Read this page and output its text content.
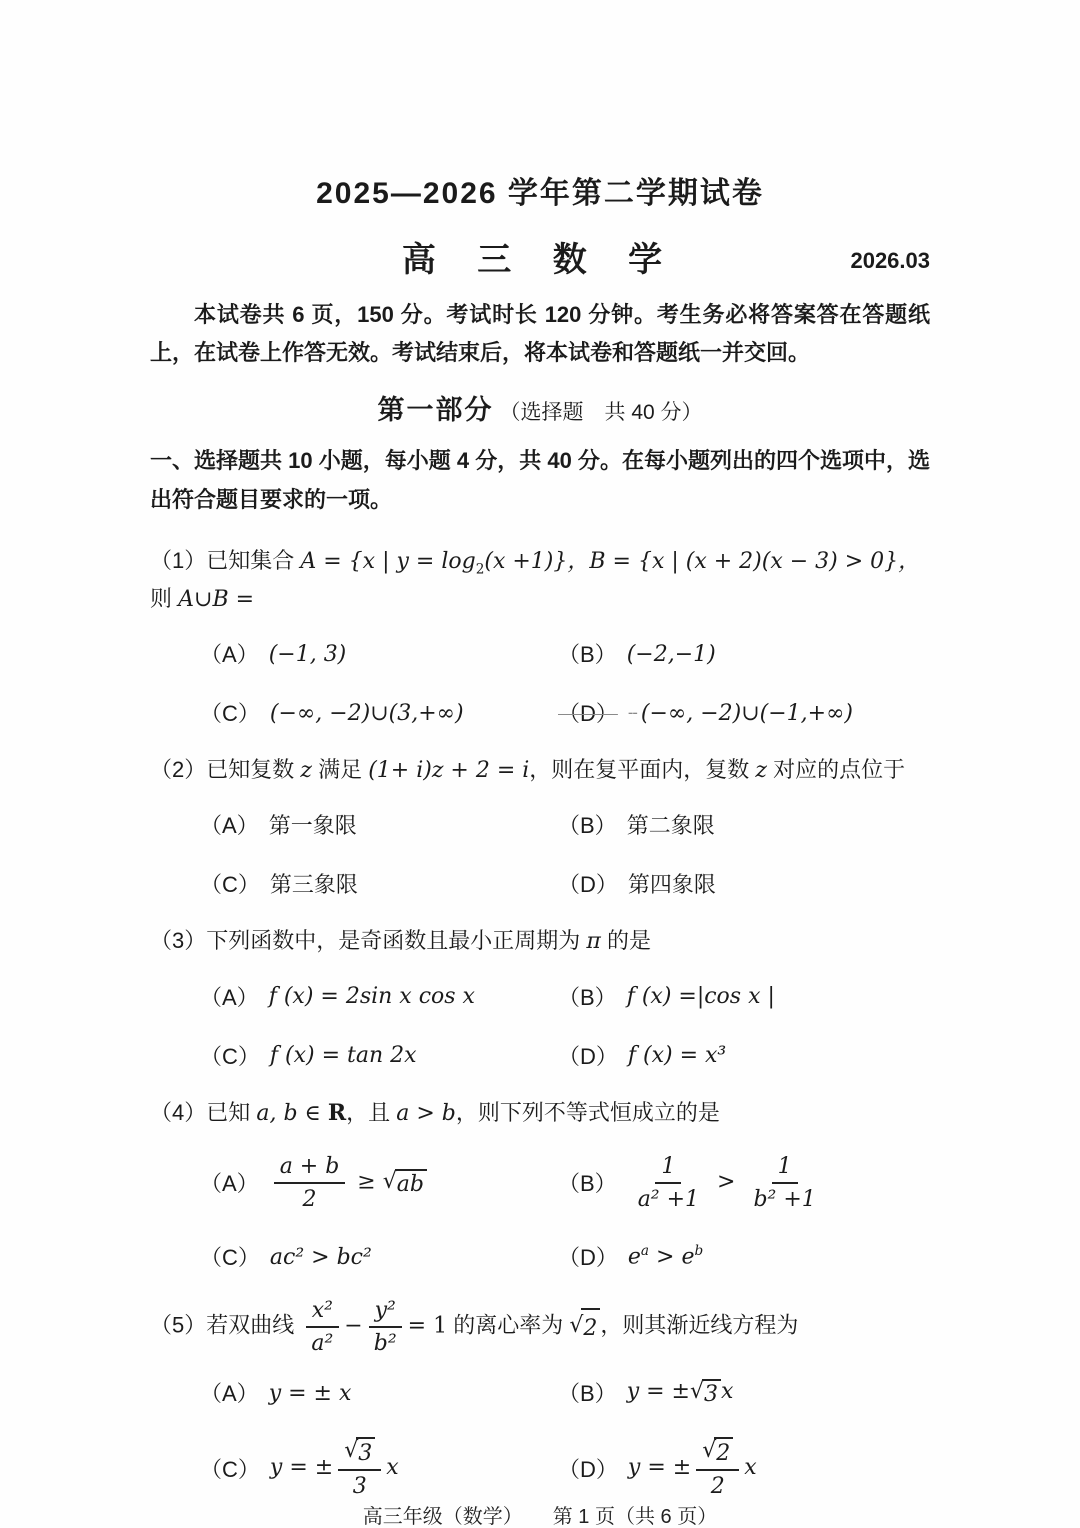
2025—2026 学年第二学期试卷
高 三 数 学	2026.03

本试卷共 6 页，150 分。考试时长 120 分钟。考生务必将答案答在答题纸上，在试卷上作答无效。考试结束后，将本试卷和答题纸一并交回。

第一部分 （选择题　共 40 分）

一、选择题共 10 小题，每小题 4 分，共 40 分。在每小题列出的四个选项中，选出符合题目要求的一项。

（1）已知集合 A = {x | $y = \log_2(x +1)$}，B = {x | (x + 2)(x − 3) > 0}，则 A∪B =
（A） (−1, 3)	（B） (−2,−1)
（C） (−∞, −2)∪(3,+∞)	（D） -- (−∞, −2)∪(−1,+∞)
（2）已知复数 z 满足 (1+ i)z + 2 = i，则在复平面内，复数 z 对应的点位于
（A） 第一象限	（B） 第二象限
（C） 第三象限	（D） 第四象限
（3）下列函数中，是奇函数且最小正周期为 π 的是
（A） f (x) = 2sin x cos x	（B） f (x) =|cos x |
（C） f (x) = tan 2x	（D） f (x) = x³
（4）已知 a, b ∈ R，且 a > b，则下列不等式恒成立的是
$(A) \frac{a + b}{2}$ ≥ √ ab	$(B) \frac{1}{\text{a² +1}} > \frac{1}{\text{b² +1}}$
（C） ac² > bc²	（D） $e^a > e^b$
（5）若双曲线 $\frac{\text{x²}}{\text{a²}} - \frac{\text{y²}}{\text{b²}} = 1$ 的离心率为 √ 2 ，则其渐近线方程为
（A） y = ± x	（B） y = ± √ 3 x
（C） y = ± $\frac{√ 3}{3}$ x	（D） y = ± $\frac{√ 2}{2}$ x
高三年级（数学）　　第 1 页（共 6 页）
